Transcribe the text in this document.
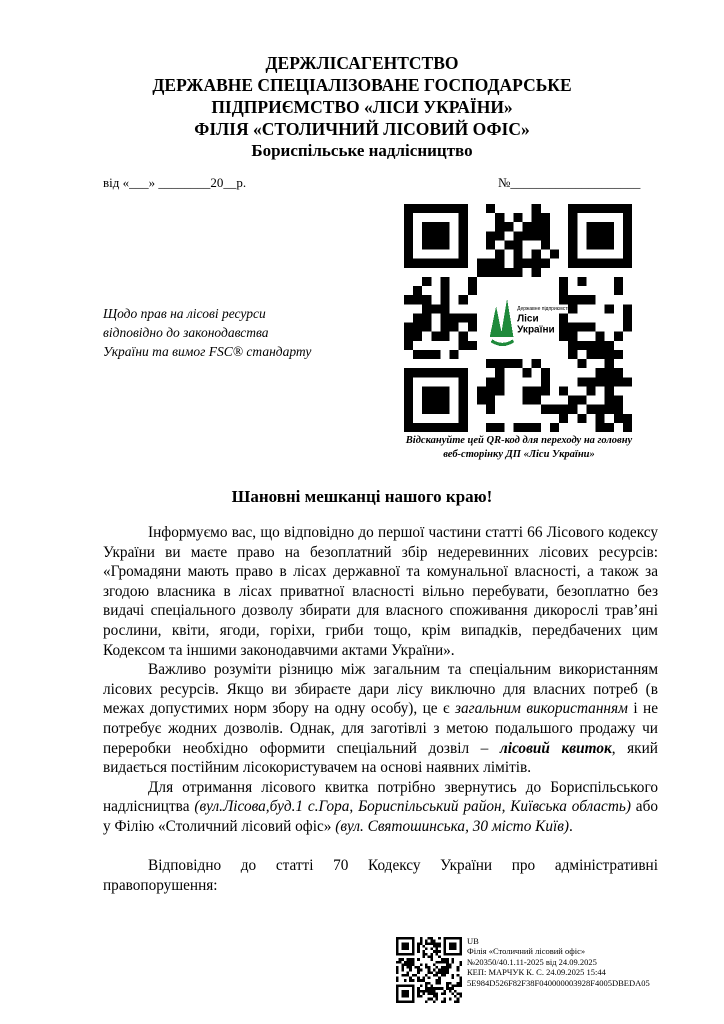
ДЕРЖЛІСАГЕНТСТВО
ДЕРЖАВНЕ СПЕЦІАЛІЗОВАНЕ ГОСПОДАРСЬКЕ
ПІДПРИЄМСТВО «ЛІСИ УКРАЇНИ»
ФІЛІЯ «СТОЛИЧНИЙ ЛІСОВИЙ ОФІС»
Бориспільське надлісництво
від «___» ________20__р.	№____________________
Щодо прав на лісові ресурси
відповідно до законодавства
України та вимог FSC® стандарту
Ліси
України
Відскануйте цей QR-код для переходу на головну
веб-сторінку ДП «Ліси України»
Шановні мешканці нашого краю!

Інформуємо вас, що відповідно до першої частини статті 66 Лісового кодексу України ви маєте право на безоплатний збір недеревинних лісових ресурсів: «Громадяни мають право в лісах державної та комунальної власності, а також за згодою власника в лісах приватної власності вільно перебувати, безоплатно без видачі спеціального дозволу збирати для власного споживання дикорослі трав’яні рослини, квіти, ягоди, горіхи, гриби тощо, крім випадків, передбачених цим Кодексом та іншими законодавчими актами України».

Важливо розуміти різницю між загальним та спеціальним використанням лісових ресурсів. Якщо ви збираєте дари лісу виключно для власних потреб (в межах допустимих норм збору на одну особу), це є загальним використанням і не потребує жодних дозволів. Однак, для заготівлі з метою подальшого продажу чи переробки необхідно оформити спеціальний дозвіл – лісовий квиток, який видається постійним лісокористувачем на основі наявних лімітів.

Для отримання лісового квитка потрібно звернутись до Бориспільського надлісництва (вул.Лісова,буд.1 с.Гора, Бориспільський район, Київська область) або у Філію «Столичний лісовий офіс» (вул. Святошинська, 30 місто Київ).

Відповідно до статті 70 Кодексу України про адміністративні правопорушення:

UB
Філія «Столичний лісовий офіс»
№20350/40.1.11-2025 від 24.09.2025
КЕП: МАРЧУК К. С. 24.09.2025 15:44
5E984D526F82F38F040000003928F4005DBEDA05
